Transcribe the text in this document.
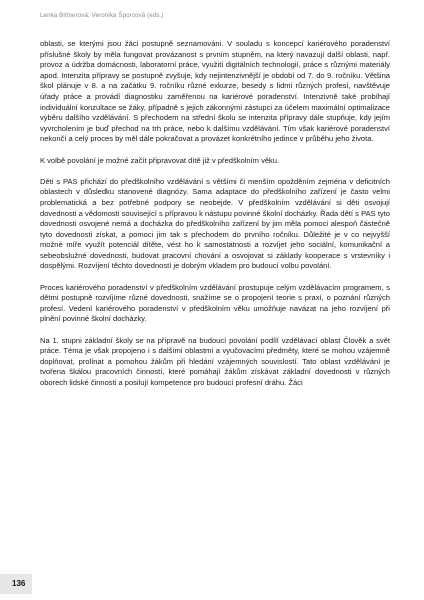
Lenka Bittnerová, Veronika Šporcová (eds.)

oblasti, se kterými jsou žáci postupně seznamováni. V souladu s koncepcí kariérového poradenství příslušné školy by měla fungovat provázanost s prvním stupněm, na který navazují další oblasti, např. provoz a údržba domácnosti, laboratorní práce, využití digitálních technologií, práce s různými materiály apod. Intenzita přípravy se postupně zvyšuje, kdy nejintenzivnější je období od 7. do 9. ročníku. Většina škol plánuje v 8. a na začátku 9. ročníku různé exkurze, besedy s lidmi různých profesí, navštěvuje úřady práce a provádí diagnostiku zaměřenou na kariérové poradenství. Intenzivně také probíhají individuální konzultace se žáky, případně s jejich zákonnými zástupci za účelem maximální optimalizace výběru dalšího vzdělávání. S přechodem na střední školu se intenzita přípravy dále stupňuje, kdy jejím vyvrcholením je buď přechod na trh práce, nebo k dalšímu vzdělávání. Tím však kariérové poradenství nekončí a celý proces by měl dále pokračovat a provázet konkrétního jedince v průběhu jeho života.

K volbě povolání je možné začít připravovat dítě již v předškolním věku.

Děti s PAS přichází do předškolního vzdělávání s většími či menším opožděním zejména v deficitních oblastech v důsledku stanovené diagnózy. Sama adaptace do předškolního zařízení je často velmi problematická a bez potřebné podpory se neobejde. V předškolním vzdělávání si děti osvojují dovednosti a vědomosti související s přípravou k nástupu povinné školní docházky. Řada dětí s PAS tyto dovednosti osvojené nemá a docházka do předškolního zařízení by jim měla pomoci alespoň částečně tyto dovednosti získat, a pomoci jim tak s přechodem do prvního ročníku. Důležité je v co nejvyšší možné míře využít potenciál dítěte, vést ho k samostatnosti a rozvíjet jeho sociální, komunikační a sebeobslužné dovednosti, budovat pracovní chování a osvojovat si základy kooperace s vrstevníky i dospělými. Rozvíjení těchto dovedností je dobrým vkladem pro budoucí volbu povolání.

Proces kariérového poradenství v předškolním vzdělávání prostupuje celým vzdělávacím programem, s dětmi postupně rozvíjíme různé dovednosti, snažíme se o propojení teorie s praxí, o poznání různých profesí. Vedení kariérového poradenství v předškolním věku umožňuje navázat na jeho rozvíjení při plnění povinné školní docházky.

Na 1. stupni základní školy se na přípravě na budoucí povolání podílí vzdělávací oblast Člověk a svět práce. Téma je však propojeno i s dalšími oblastmi a vyučovacími předměty, které se mohou vzájemně doplňovat, prolínat a pomohou žákům při hledání vzájemných souvislostí. Tato oblast vzdělávání je tvořena škálou pracovních činností, které pomáhají žákům získávat základní dovednosti v různých oborech lidské činnosti a posilují kompetence pro budoucí profesní dráhu. Žáci

136
